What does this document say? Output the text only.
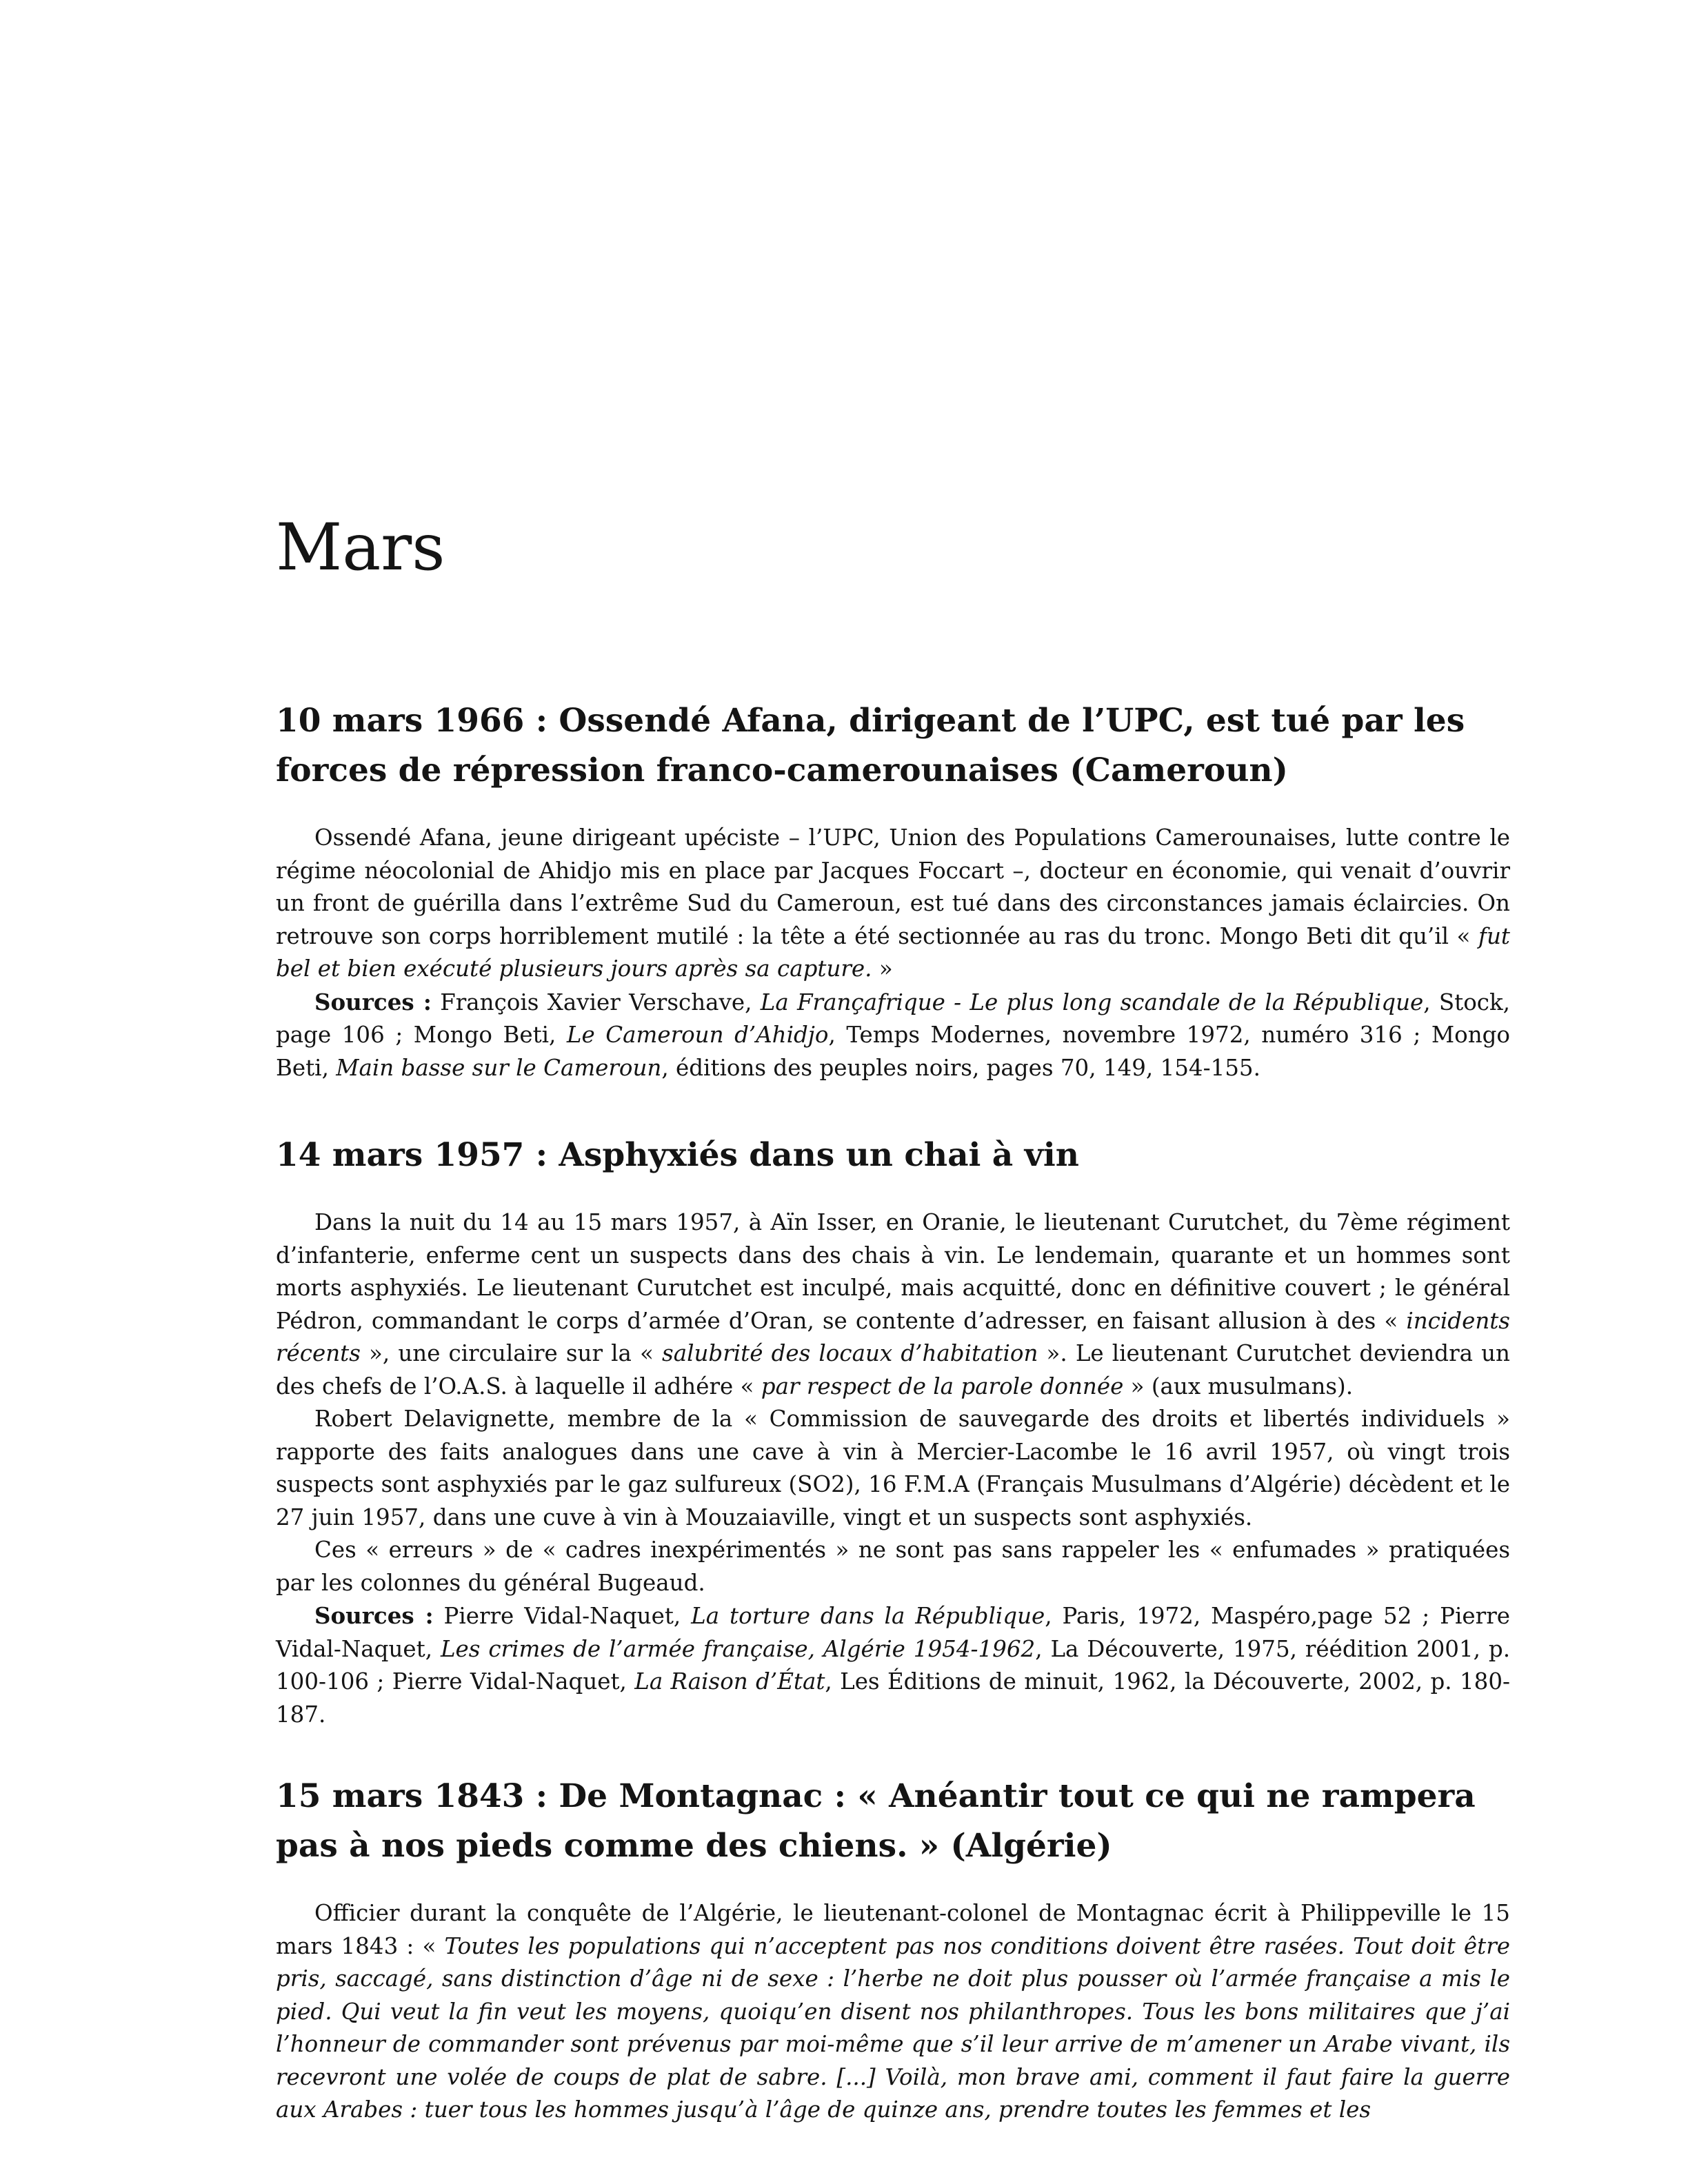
Mars
10 mars 1966 : Ossendé Afana, dirigeant de l’UPC, est tué par les forces de répression franco-camerounaises (Cameroun)

Ossendé Afana, jeune dirigeant upéciste – l’UPC, Union des Populations Camerounaises, lutte contre le régime néocolonial de Ahidjo mis en place par Jacques Foccart –, docteur en économie, qui venait d’ouvrir un front de guérilla dans l’extrême Sud du Cameroun, est tué dans des circonstances jamais éclaircies. On retrouve son corps horriblement mutilé : la tête a été sectionnée au ras du tronc. Mongo Beti dit qu’il « fut bel et bien exécuté plusieurs jours après sa capture. »

Sources : François Xavier Verschave, La Françafrique - Le plus long scandale de la République, Stock, page 106 ; Mongo Beti, Le Cameroun d’Ahidjo, Temps Modernes, novembre 1972, numéro 316 ; Mongo Beti, Main basse sur le Cameroun, éditions des peuples noirs, pages 70, 149, 154-155.

14 mars 1957 : Asphyxiés dans un chai à vin

Dans la nuit du 14 au 15 mars 1957, à Aïn Isser, en Oranie, le lieutenant Curutchet, du 7ème régiment d’infanterie, enferme cent un suspects dans des chais à vin. Le lendemain, quarante et un hommes sont morts asphyxiés. Le lieutenant Curutchet est inculpé, mais acquitté, donc en définitive couvert ; le général Pédron, commandant le corps d’armée d’Oran, se contente d’adresser, en faisant allusion à des « incidents récents », une circulaire sur la « salubrité des locaux d’habitation ». Le lieutenant Curutchet deviendra un des chefs de l’O.A.S. à laquelle il adhére « par respect de la parole donnée » (aux musulmans).

Robert Delavignette, membre de la « Commission de sauvegarde des droits et libertés individuels » rapporte des faits analogues dans une cave à vin à Mercier-Lacombe le 16 avril 1957, où vingt trois suspects sont asphyxiés par le gaz sulfureux (SO2), 16 F.M.A (Français Musulmans d’Algérie) décèdent et le 27 juin 1957, dans une cuve à vin à Mouzaiaville, vingt et un suspects sont asphyxiés.

Ces « erreurs » de « cadres inexpérimentés » ne sont pas sans rappeler les « enfumades » pratiquées par les colonnes du général Bugeaud.

Sources : Pierre Vidal-Naquet, La torture dans la République, Paris, 1972, Maspéro,page 52 ; Pierre Vidal-Naquet, Les crimes de l’armée française, Algérie 1954-1962, La Découverte, 1975, réédition 2001, p. 100-106 ; Pierre Vidal-Naquet, La Raison d’État, Les Éditions de minuit, 1962, la Découverte, 2002, p. 180-187.

15 mars 1843 : De Montagnac : « Anéantir tout ce qui ne rampera pas à nos pieds comme des chiens. » (Algérie)

Officier durant la conquête de l’Algérie, le lieutenant-colonel de Montagnac écrit à Philippeville le 15 mars 1843 : « Toutes les populations qui n’acceptent pas nos conditions doivent être rasées. Tout doit être pris, saccagé, sans distinction d’âge ni de sexe : l’herbe ne doit plus pousser où l’armée française a mis le pied. Qui veut la fin veut les moyens, quoiqu’en disent nos philanthropes. Tous les bons militaires que j’ai l’honneur de commander sont prévenus par moi-même que s’il leur arrive de m’amener un Arabe vivant, ils recevront une volée de coups de plat de sabre. [...] Voilà, mon brave ami, comment il faut faire la guerre aux Arabes : tuer tous les hommes jusqu’à l’âge de quinze ans, prendre toutes les femmes et les
